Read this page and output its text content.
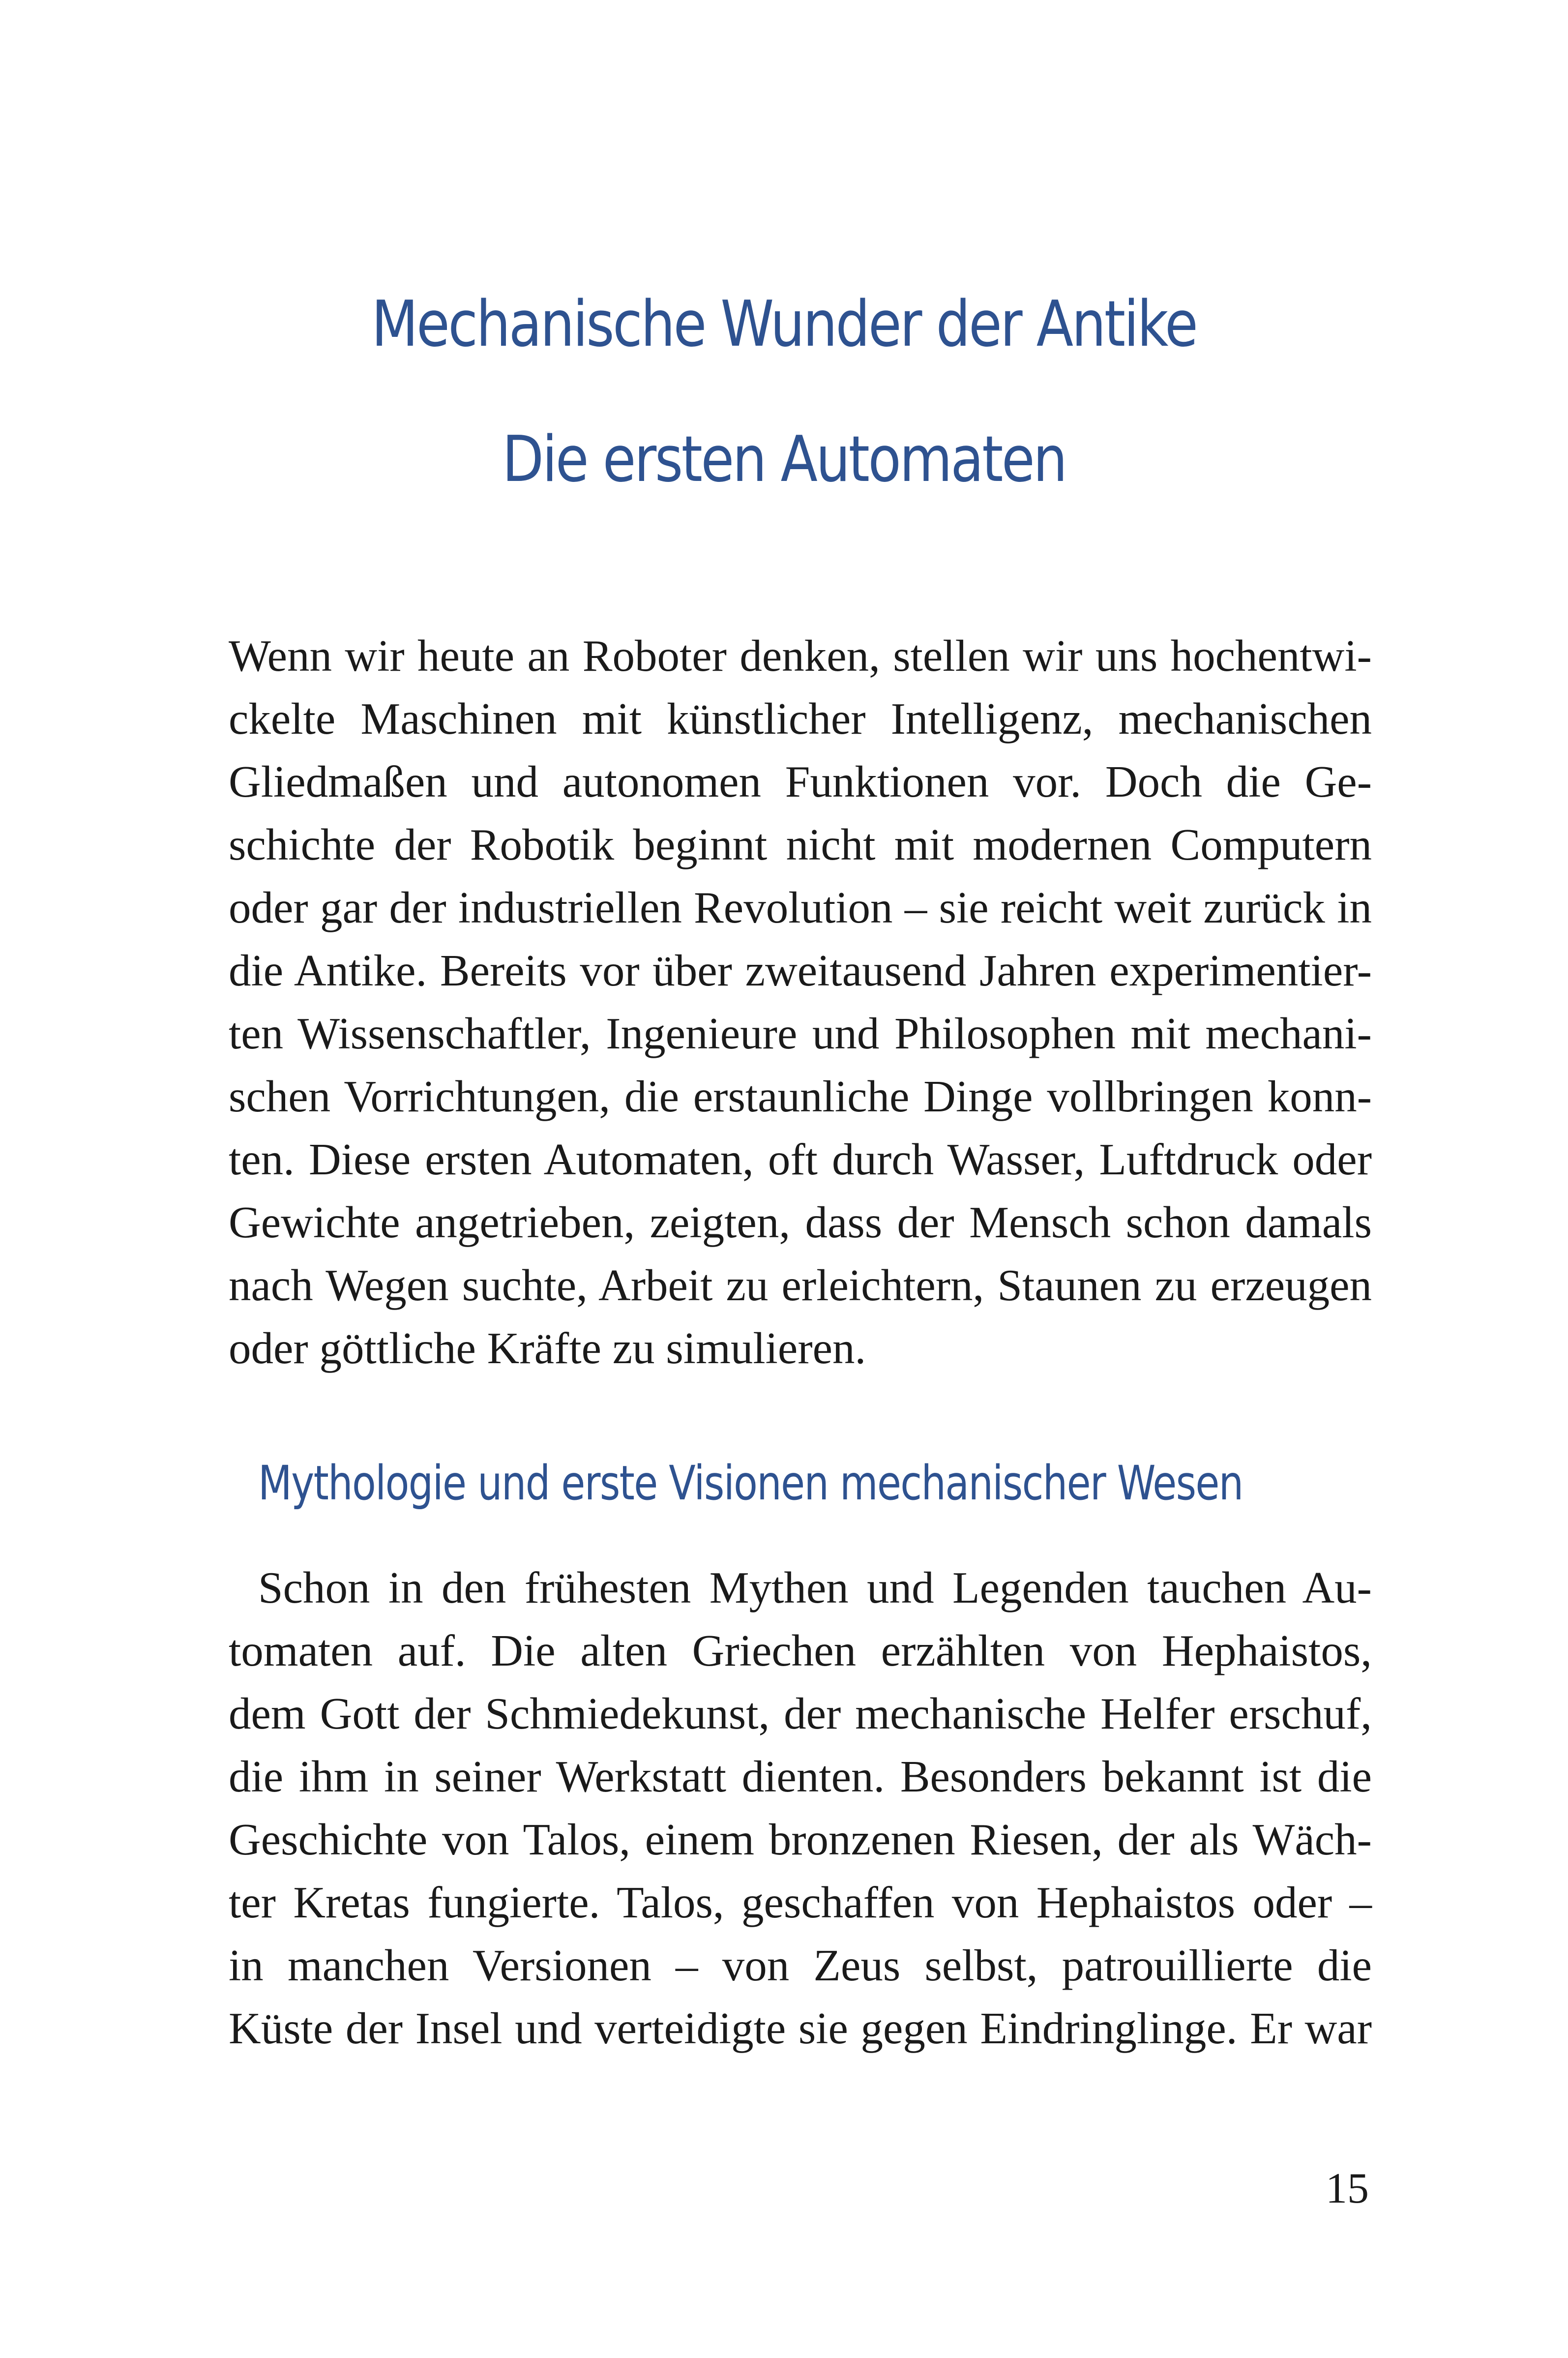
Mechanische Wunder der Antike
Die ersten Automaten
Wenn wir heute an Roboter denken, stellen wir uns hochentwi-
ckelte Maschinen mit künstlicher Intelligenz, mechanischen
Gliedmaßen und autonomen Funktionen vor. Doch die Ge-
schichte der Robotik beginnt nicht mit modernen Computern
oder gar der industriellen Revolution – sie reicht weit zurück in
die Antike. Bereits vor über zweitausend Jahren experimentier-
ten Wissenschaftler, Ingenieure und Philosophen mit mechani-
schen Vorrichtungen, die erstaunliche Dinge vollbringen konn-
ten. Diese ersten Automaten, oft durch Wasser, Luftdruck oder
Gewichte angetrieben, zeigten, dass der Mensch schon damals
nach Wegen suchte, Arbeit zu erleichtern, Staunen zu erzeugen
oder göttliche Kräfte zu simulieren.
Mythologie und erste Visionen mechanischer Wesen
Schon in den frühesten Mythen und Legenden tauchen Au-
tomaten auf. Die alten Griechen erzählten von Hephaistos,
dem Gott der Schmiedekunst, der mechanische Helfer erschuf,
die ihm in seiner Werkstatt dienten. Besonders bekannt ist die
Geschichte von Talos, einem bronzenen Riesen, der als Wäch-
ter Kretas fungierte. Talos, geschaffen von Hephaistos oder –
in manchen Versionen – von Zeus selbst, patrouillierte die
Küste der Insel und verteidigte sie gegen Eindringlinge. Er war
15
